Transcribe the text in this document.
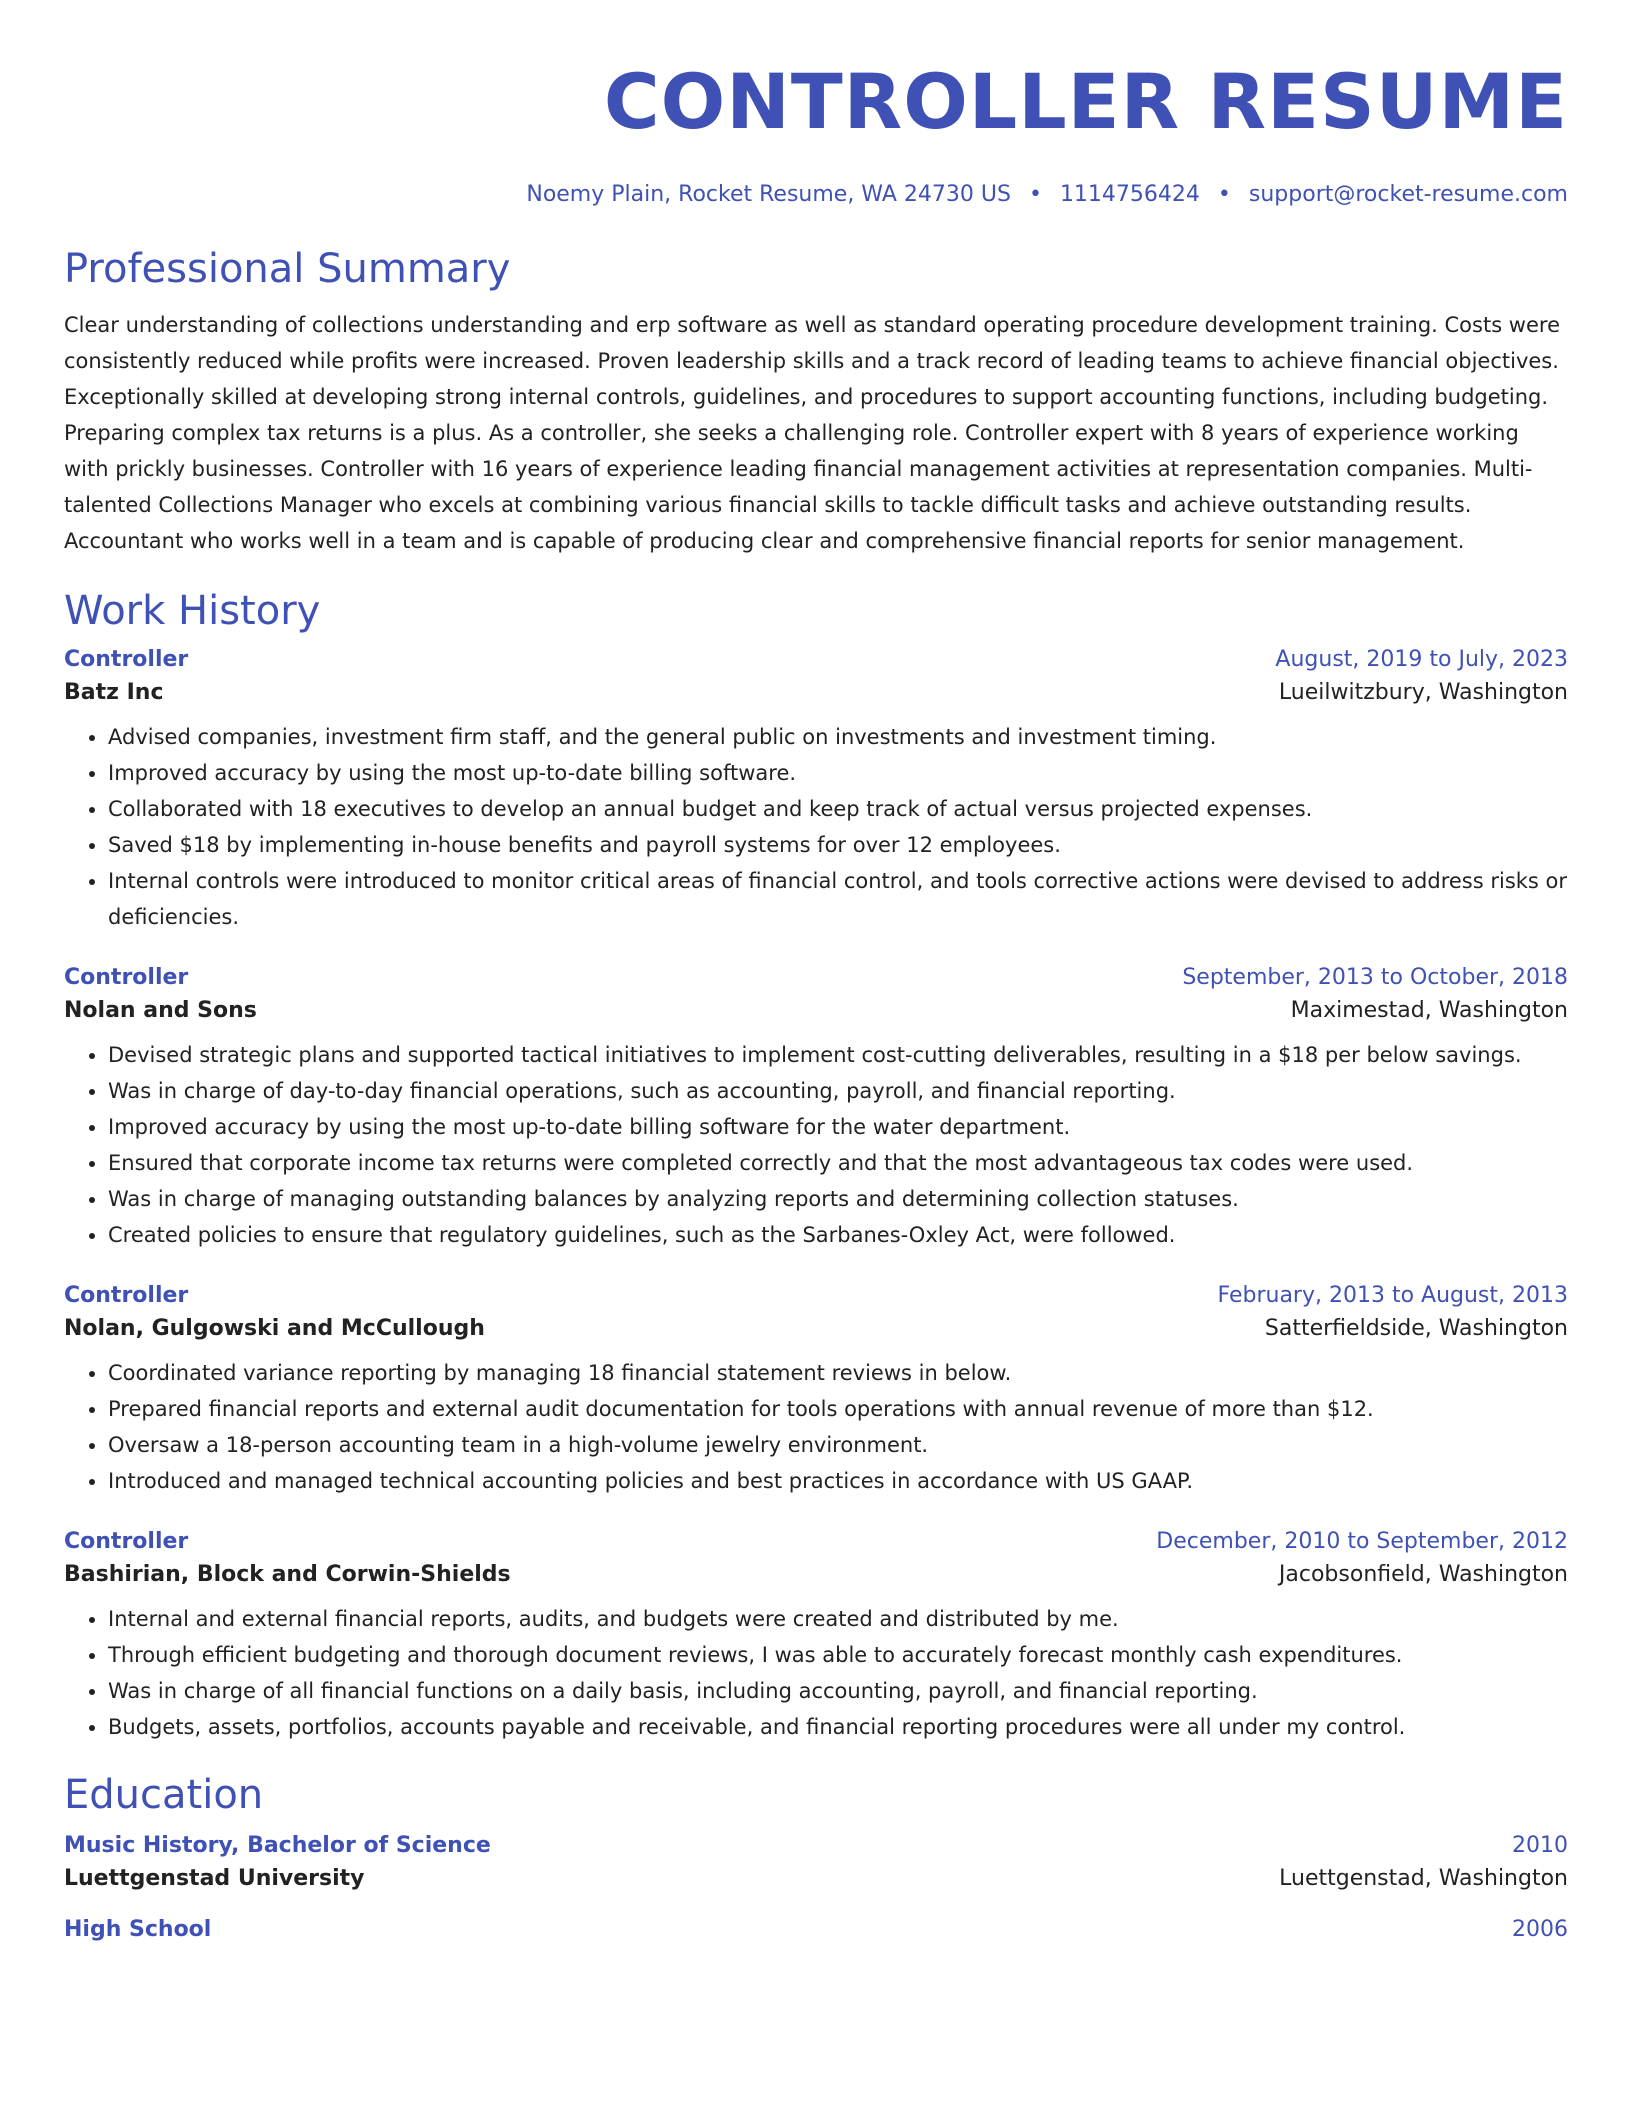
CONTROLLER RESUME
Noemy Plain, Rocket Resume, WA 24730 US • 1114756424 • support@rocket-resume.com
Professional Summary

Clear understanding of collections understanding and erp software as well as standard operating procedure development training. Costs were consistently reduced while profits were increased. Proven leadership skills and a track record of leading teams to achieve financial objectives. Exceptionally skilled at developing strong internal controls, guidelines, and procedures to support accounting functions, including budgeting. Preparing complex tax returns is a plus. As a controller, she seeks a challenging role. Controller expert with 8 years of experience working with prickly businesses. Controller with 16 years of experience leading financial management activities at representation companies. Multi-talented Collections Manager who excels at combining various financial skills to tackle difficult tasks and achieve outstanding results. Accountant who works well in a team and is capable of producing clear and comprehensive financial reports for senior management.

Work History
Controller	August, 2019 to July, 2023
Batz Inc	Lueilwitzbury, Washington
• Advised companies, investment firm staff, and the general public on investments and investment timing.
• Improved accuracy by using the most up-to-date billing software.
• Collaborated with 18 executives to develop an annual budget and keep track of actual versus projected expenses.
• Saved $18 by implementing in-house benefits and payroll systems for over 12 employees.
• Internal controls were introduced to monitor critical areas of financial control, and tools corrective actions were devised to address risks or deficiencies.
Controller	September, 2013 to October, 2018
Nolan and Sons	Maximestad, Washington
• Devised strategic plans and supported tactical initiatives to implement cost-cutting deliverables, resulting in a $18 per below savings.
• Was in charge of day-to-day financial operations, such as accounting, payroll, and financial reporting.
• Improved accuracy by using the most up-to-date billing software for the water department.
• Ensured that corporate income tax returns were completed correctly and that the most advantageous tax codes were used.
• Was in charge of managing outstanding balances by analyzing reports and determining collection statuses.
• Created policies to ensure that regulatory guidelines, such as the Sarbanes-Oxley Act, were followed.
Controller	February, 2013 to August, 2013
Nolan, Gulgowski and McCullough	Satterfieldside, Washington
• Coordinated variance reporting by managing 18 financial statement reviews in below.
• Prepared financial reports and external audit documentation for tools operations with annual revenue of more than $12.
• Oversaw a 18-person accounting team in a high-volume jewelry environment.
• Introduced and managed technical accounting policies and best practices in accordance with US GAAP.
Controller	December, 2010 to September, 2012
Bashirian, Block and Corwin-Shields	Jacobsonfield, Washington
• Internal and external financial reports, audits, and budgets were created and distributed by me.
• Through efficient budgeting and thorough document reviews, I was able to accurately forecast monthly cash expenditures.
• Was in charge of all financial functions on a daily basis, including accounting, payroll, and financial reporting.
• Budgets, assets, portfolios, accounts payable and receivable, and financial reporting procedures were all under my control.
Education
Music History, Bachelor of Science	2010
Luettgenstad University	Luettgenstad, Washington
High School	2006
